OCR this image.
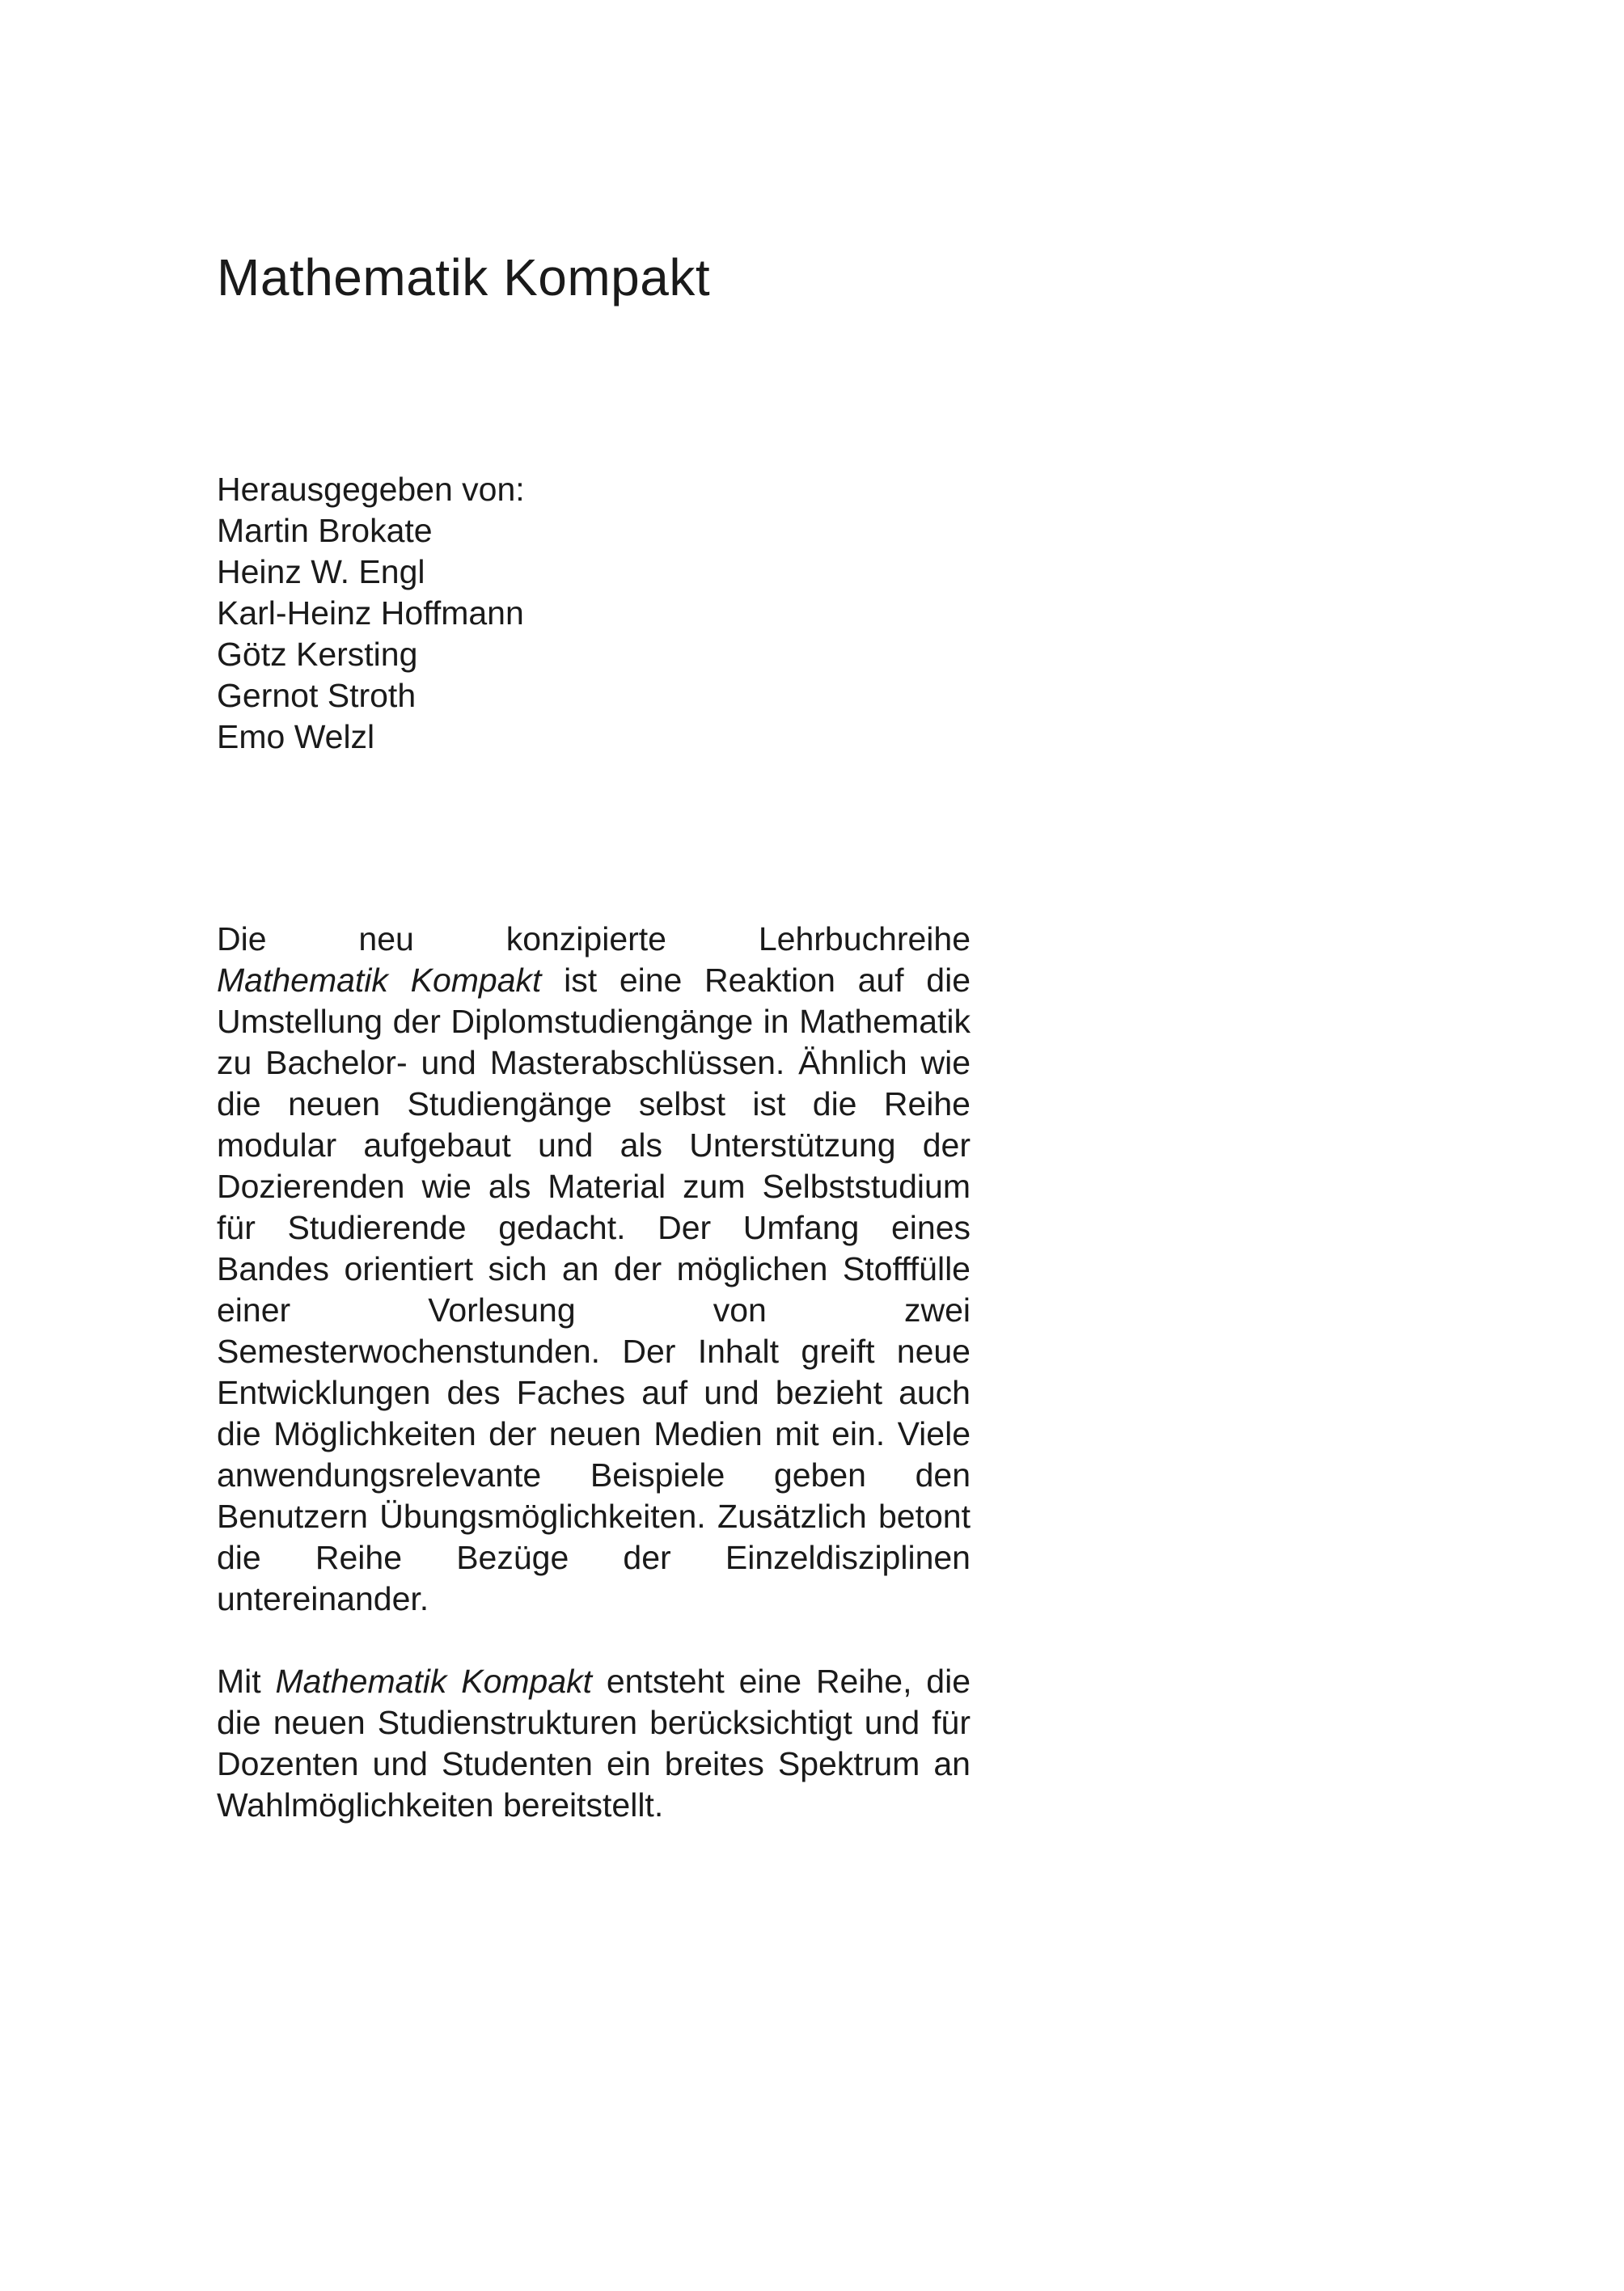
Mathematik Kompakt
Herausgegeben von:
Martin Brokate
Heinz W. Engl
Karl-Heinz Hoffmann
Götz Kersting
Gernot Stroth
Emo Welzl

Die neu konzipierte Lehrbuchreihe Mathematik Kompakt ist eine Reaktion auf die Umstellung der Diplomstudiengänge in Mathematik zu Bachelor- und Masterabschlüssen. Ähnlich wie die neuen Studiengänge selbst ist die Reihe modular aufgebaut und als Unterstützung der Dozierenden wie als Material zum Selbststudium für Studierende gedacht. Der Umfang eines Bandes orientiert sich an der möglichen Stofffülle einer Vorlesung von zwei Semesterwochenstunden. Der Inhalt greift neue Entwicklungen des Faches auf und bezieht auch die Möglichkeiten der neuen Medien mit ein. Viele anwendungsrelevante Beispiele geben den Benutzern Übungsmöglichkeiten. Zusätzlich betont die Reihe Bezüge der Einzeldisziplinen untereinander.

Mit Mathematik Kompakt entsteht eine Reihe, die die neuen Studienstrukturen berücksichtigt und für Dozenten und Studenten ein breites Spektrum an Wahlmöglichkeiten bereitstellt.
